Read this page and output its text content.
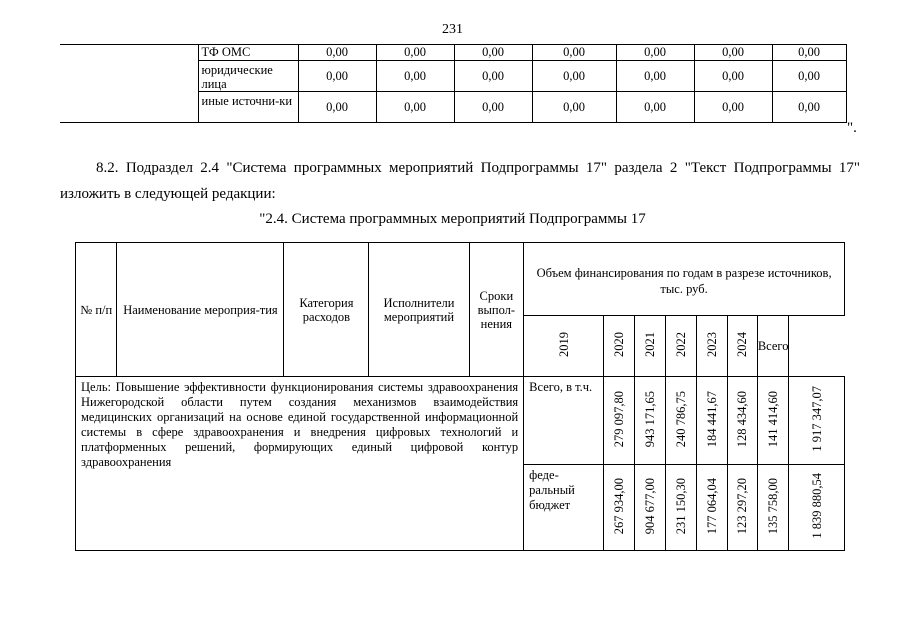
231
	ТФ ОМС	0,00	0,00	0,00	0,00	0,00	0,00	0,00
	юридические лица	0,00	0,00	0,00	0,00	0,00	0,00	0,00
	иные источни-ки	0,00	0,00	0,00	0,00	0,00	0,00	0,00
".
8.2. Подраздел 2.4 "Система программных мероприятий Подпрограммы 17" раздела 2 "Текст Подпрограммы 17"
изложить в следующей редакции:
"2.4. Система программных мероприятий Подпрограммы 17
№ п/п	Наименование мероприя-тия	Категория расходов	Исполнители мероприятий	Сроки выпол-нения	Объем финансирования по годам в разрезе источников, тыс. руб.							
					2019	2020	2021	2022	2023	2024	Всего	
Цель: Повышение эффективности функционирования системы здравоохранения Нижегородской области путем создания механизмов взаимодействия медицинских организаций на основе единой государственной информационной системы в сфере здравоохранения и внедрения цифровых технологий и платформенных решений, формирующих единый цифровой контур здравоохранения					Всего, в т.ч.	279 097,80	943 171,65	240 786,75	184 441,67	128 434,60	141 414,60	1 917 347,07
					феде-ральный бюджет	267 934,00	904 677,00	231 150,30	177 064,04	123 297,20	135 758,00	1 839 880,54
